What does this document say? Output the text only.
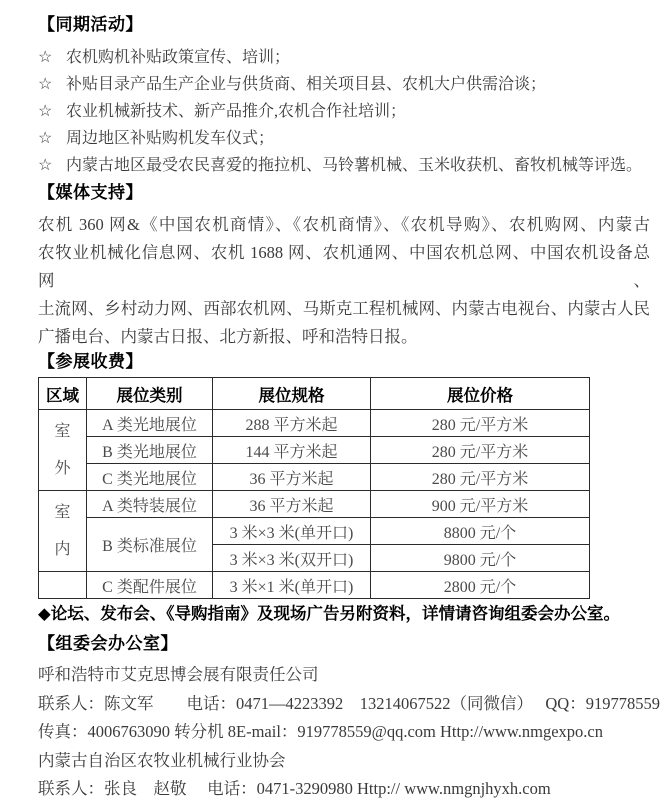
【同期活动】
☆ 农机购机补贴政策宣传、培训；
☆ 补贴目录产品生产企业与供货商、相关项目县、农机大户供需洽谈；
☆ 农业机械新技术、新产品推介,农机合作社培训；
☆ 周边地区补贴购机发车仪式；
☆ 内蒙古地区最受农民喜爱的拖拉机、马铃薯机械、玉米收获机、畜牧机械等评选。
【媒体支持】
农机 360 网&《中国农机商情》、《农机商情》、《农机导购》、农机购网、内蒙古
农牧业机械化信息网、农机 1688 网、农机通网、中国农机总网、中国农机设备总网、
土流网、乡村动力网、西部农机网、马斯克工程机械网、内蒙古电视台、内蒙古人民
广播电台、内蒙古日报、北方新报、呼和浩特日报。
【参展收费】
区域	展位类别	展位规格	展位价格

室
外	A 类光地展位	288 平方米起	280 元/平方米
	B 类光地展位	144 平方米起	280 元/平方米
	C 类光地展位	36 平方米起	280 元/平方米

室
内	A 类特装展位	36 平方米起	900 元/平方米
	B 类标准展位	3 米×3 米(单开口)	8800 元/个
		3 米×3 米(双开口)	9800 元/个
	C 类配件展位	3 米×1 米(单开口)	2800 元/个
◆论坛、发布会、《导购指南》及现场广告另附资料，详情请咨询组委会办公室。
【组委会办公室】
呼和浩特市艾克思博会展有限责任公司
联系人：陈文军　　电话：0471—4223392　13214067522（同微信）　 QQ：919778559
传真：4006763090 转分机 8E-mail：919778559@qq.com Http://www.nmgexpo.cn
内蒙古自治区农牧业机械行业协会
联系人：张良　赵敬　 电话：0471-3290980 Http:// www.nmgnjhyxh.com
